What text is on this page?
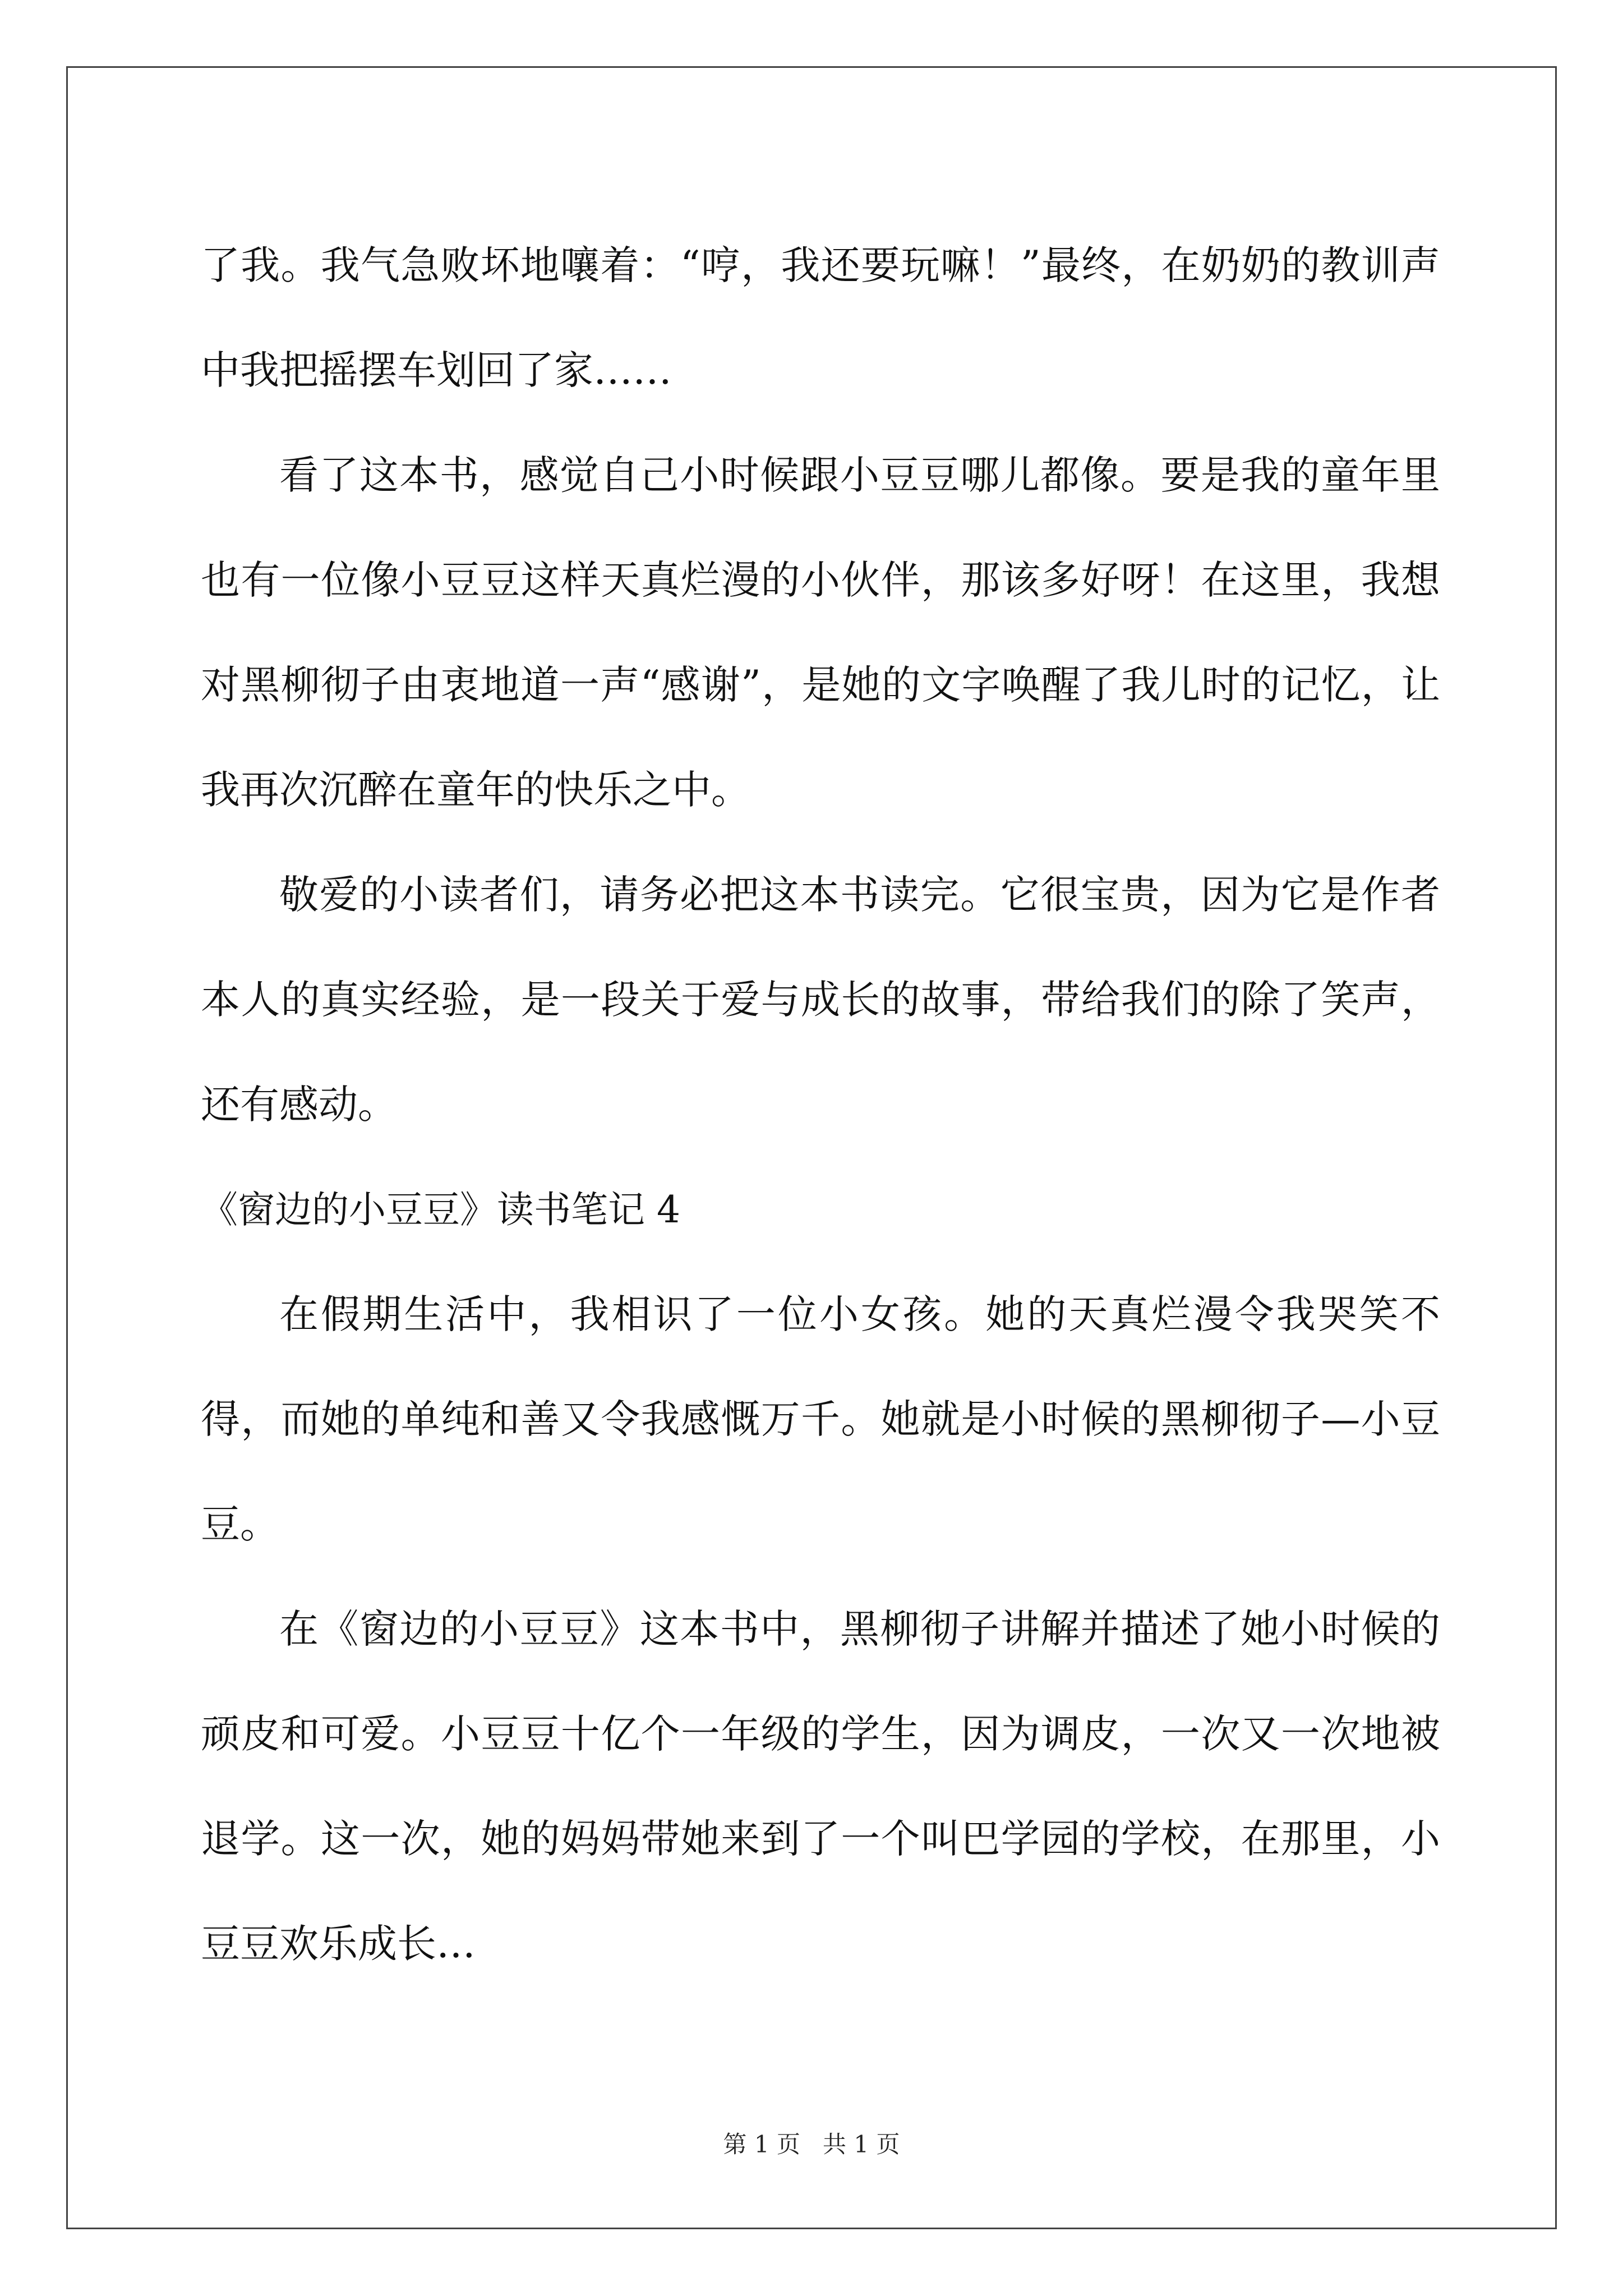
了我。我气急败坏地嚷着：“哼，我还要玩嘛！”最终，在奶奶的教训声中我把摇摆车划回了家……

看了这本书，感觉自己小时候跟小豆豆哪儿都像。要是我的童年里也有一位像小豆豆这样天真烂漫的小伙伴，那该多好呀！在这里，我想对黑柳彻子由衷地道一声“感谢”，是她的文字唤醒了我儿时的记忆，让我再次沉醉在童年的快乐之中。

敬爱的小读者们，请务必把这本书读完。它很宝贵，因为它是作者本人的真实经验，是一段关于爱与成长的故事，带给我们的除了笑声，还有感动。

《窗边的小豆豆》读书笔记 4

在假期生活中，我相识了一位小女孩。她的天真烂漫令我哭笑不得，而她的单纯和善又令我感慨万千。她就是小时候的黑柳彻子—小豆豆。

在《窗边的小豆豆》这本书中，黑柳彻子讲解并描述了她小时候的顽皮和可爱。小豆豆十亿个一年级的学生，因为调皮，一次又一次地被退学。这一次，她的妈妈带她来到了一个叫巴学园的学校，在那里，小豆豆欢乐成长…

第 1 页   共 1 页
